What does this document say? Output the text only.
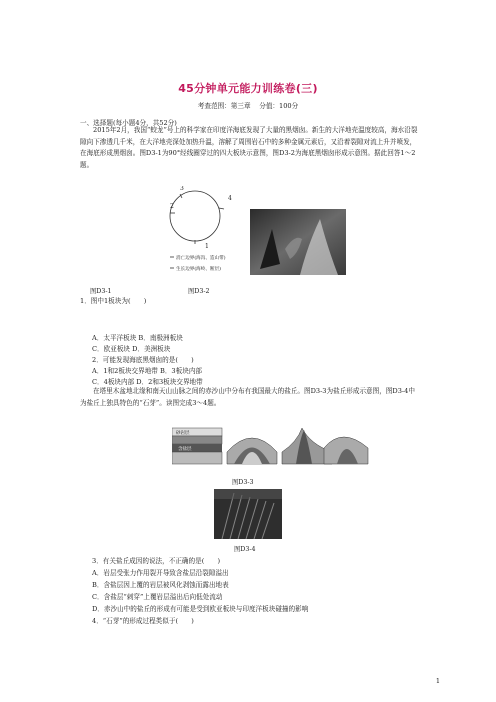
45分钟单元能力训练卷(三)
考查范围：第三章　 分值：100分
一、选择题(每小题4分，共52分)

2015年2月，我国“蛟龙”号上的科学家在印度洋海底发现了大量的黑烟囱。新生的大洋地壳温度较高，海水沿裂隙向下渗透几千米，在大洋地壳深处加热升温，溶解了周围岩石中的多种金属元素后，又沿着裂隙对流上升并喷发，在海底形成黑烟囱。图D3-1为90°经线圈穿过的四大板块示意图，图D3-2为海底黑烟囱形成示意图。据此回答1～2题。

3
4
2
1
消亡边界(海沟、造山带)
生长边界(海岭、断层)
图D3-1	图D3-2
1．图中1板块为(　　)
A．太平洋板块 B．南极洲板块
C．欧亚板块 D．美洲板块
2．可能发现海底黑烟囱的是(　　)
A．1和2板块交界地带 B．3板块内部
C．4板块内部 D．2和3板块交界地带

在塔里木盆地北缘和南天山山脉之间的赤沙山中分布有我国最大的盐丘。图D3-3为盐丘形成示意图，图D3-4中为盐丘上独具特色的“石芽”。读图完成3～4题。

砂岩层
含盐层
图D3-3
图D3-4
3．有关盐丘成因的说法，不正确的是(　　)
A．岩层受张力作用裂开导致含盐层沿裂隙溢出
B．含盐层因上覆的岩层被风化剥蚀而露出地表
C．含盐层“刺穿”上覆岩层溢出后向低处流动
D．赤沙山中的盐丘的形成有可能是受到欧亚板块与印度洋板块碰撞的影响
4．“石芽”的形成过程类似于(　　)
1
